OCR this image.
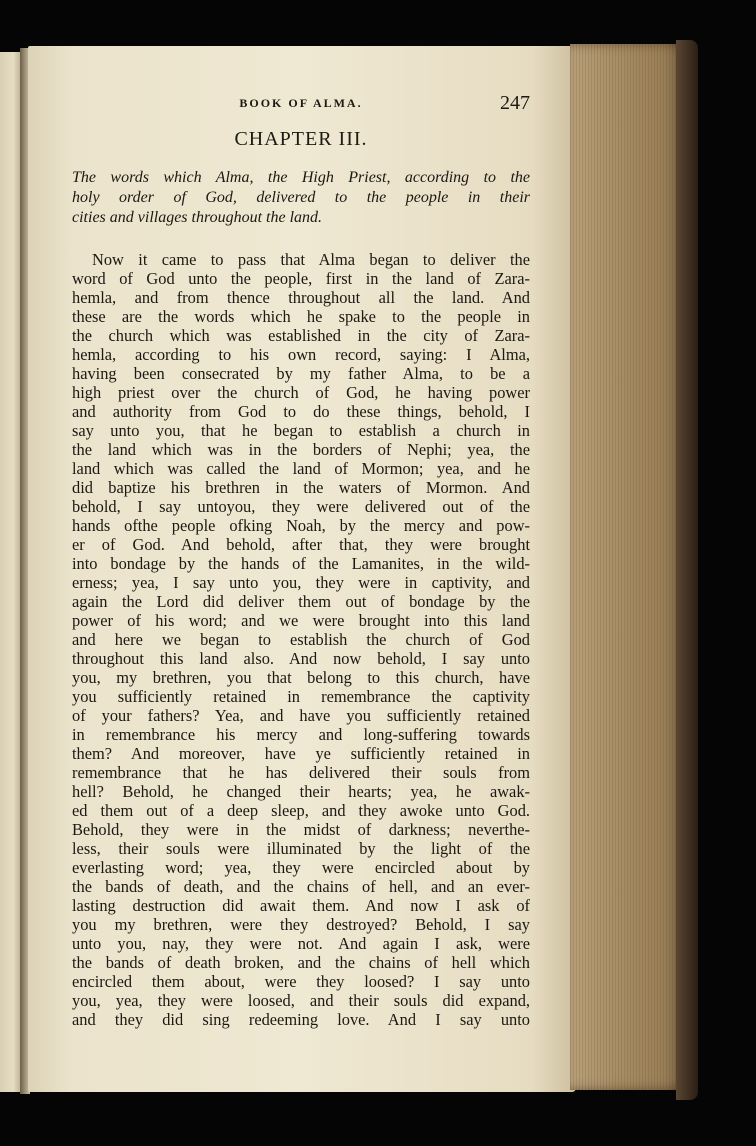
BOOK OF ALMA.	247
CHAPTER III.
The words which Alma, the High Priest, according to the
holy order of God, delivered to the people in their
cities and villages throughout the land.
Now it came to pass that Alma began to deliver the
word of God unto the people, first in the land of Zara-
hemla, and from thence throughout all the land. And
these are the words which he spake to the people in
the church which was established in the city of Zara-
hemla, according to his own record, saying: I Alma,
having been consecrated by my father Alma, to be a
high priest over the church of God, he having power
and authority from God to do these things, behold, I
say unto you, that he began to establish a church in
the land which was in the borders of Nephi; yea, the
land which was called the land of Mormon; yea, and he
did baptize his brethren in the waters of Mormon. And
behold, I say untoyou, they were delivered out of the
hands ofthe people ofking Noah, by the mercy and pow-
er of God. And behold, after that, they were brought
into bondage by the hands of the Lamanites, in the wild-
erness; yea, I say unto you, they were in captivity, and
again the Lord did deliver them out of bondage by the
power of his word; and we were brought into this land
and here we began to establish the church of God
throughout this land also. And now behold, I say unto
you, my brethren, you that belong to this church, have
you sufficiently retained in remembrance the captivity
of your fathers? Yea, and have you sufficiently retained
in remembrance his mercy and long-suffering towards
them? And moreover, have ye sufficiently retained in
remembrance that he has delivered their souls from
hell? Behold, he changed their hearts; yea, he awak-
ed them out of a deep sleep, and they awoke unto God.
Behold, they were in the midst of darkness; neverthe-
less, their souls were illuminated by the light of the
everlasting word; yea, they were encircled about by
the bands of death, and the chains of hell, and an ever-
lasting destruction did await them. And now I ask of
you my brethren, were they destroyed? Behold, I say
unto you, nay, they were not. And again I ask, were
the bands of death broken, and the chains of hell which
encircled them about, were they loosed? I say unto
you, yea, they were loosed, and their souls did expand,
and they did sing redeeming love. And I say unto
